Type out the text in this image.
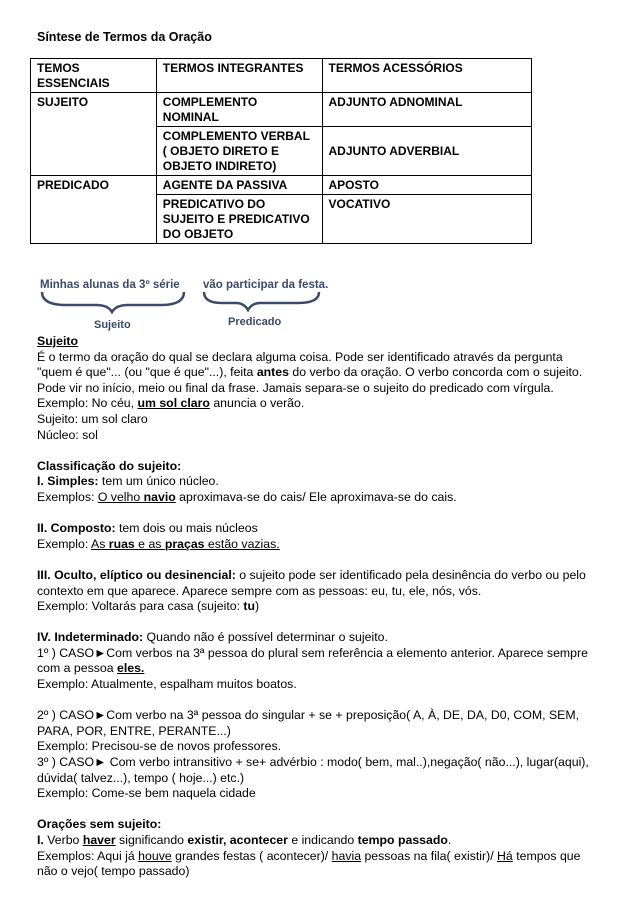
Síntese de Termos da Oração
TEMOS ESSENCIAIS	TERMOS INTEGRANTES	TERMOS ACESSÓRIOS
SUJEITO	COMPLEMENTO NOMINAL	ADJUNTO ADNOMINAL
	COMPLEMENTO VERBAL ( OBJETO DIRETO E OBJETO INDIRETO)	ADJUNTO ADVERBIAL
PREDICADO	AGENTE DA PASSIVA	APOSTO
	PREDICATIVO DO SUJEITO E PREDICATIVO DO OBJETO	VOCATIVO
Minhas alunas da 3º série vão participar da festa.
Sujeito	Predicado

Sujeito

É o termo da oração do qual se declara alguma coisa. Pode ser identificado através da pergunta "quem é que"... (ou "que é que"...), feita antes do verbo da oração. O verbo concorda com o sujeito. Pode vir no início, meio ou final da frase. Jamais separa-se o sujeito do predicado com vírgula.

Exemplo: No céu, um sol claro anuncia o verão.

Sujeito: um sol claro

Núcleo: sol

Classificação do sujeito:

I. Simples: tem um único núcleo.

Exemplos: O velho navio aproximava-se do cais/ Ele aproximava-se do cais.

II. Composto: tem dois ou mais núcleos

Exemplo: As ruas e as praças estão vazias.

III. Oculto, elíptico ou desinencial: o sujeito pode ser identificado pela desinência do verbo ou pelo contexto em que aparece. Aparece sempre com as pessoas: eu, tu, ele, nós, vós.

Exemplo: Voltarás para casa (sujeito: tu)

IV. Indeterminado: Quando não é possível determinar o sujeito.

1º ) CASO►Com verbos na 3ª pessoa do plural sem referência a elemento anterior. Aparece sempre com a pessoa eles.

Exemplo: Atualmente, espalham muitos boatos.

2º ) CASO►Com verbo na 3ª pessoa do singular + se + preposição( A, À, DE, DA, D0, COM, SEM, PARA, POR, ENTRE, PERANTE...)

Exemplo: Precisou-se de novos professores.

3º ) CASO► Com verbo intransitivo + se+ advérbio : modo( bem, mal..),negação( não...), lugar(aqui), dúvida( talvez...), tempo ( hoje...) etc.)

Exemplo: Come-se bem naquela cidade

Orações sem sujeito:

I. Verbo haver significando existir, acontecer e indicando tempo passado.

Exemplos: Aqui já houve grandes festas ( acontecer)/ havia pessoas na fila( existir)/ Há tempos que não o vejo( tempo passado)
